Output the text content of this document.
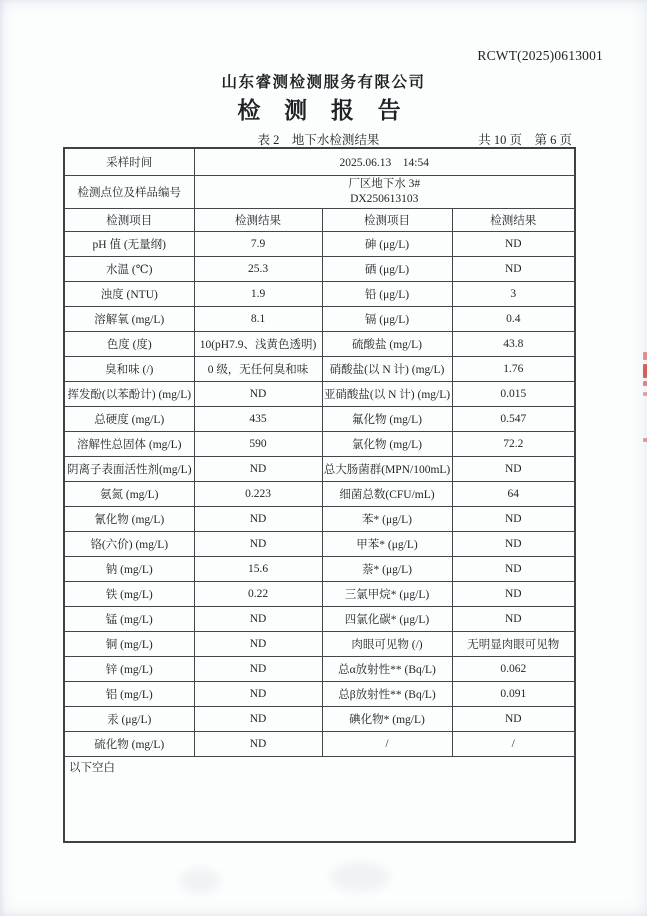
RCWT(2025)0613001
山东睿测检测服务有限公司
检 测 报 告
表 2　地下水检测结果	共 10 页　第 6 页
采样时间	2025.06.13　14:54		
检测点位及样品编号	厂区地下水 3#
DX250613103		

检测项目	检测结果	检测项目	检测结果
pH 值 (无量纲)	7.9	砷 (μg/L)	ND
水温 (℃)	25.3	硒 (μg/L)	ND
浊度 (NTU)	1.9	铅 (μg/L)	3
溶解氧 (mg/L)	8.1	镉 (μg/L)	0.4
色度 (度)	10(pH7.9、浅黄色透明)	硫酸盐 (mg/L)	43.8
臭和味 (/)	0 级，无任何臭和味	硝酸盐(以 N 计) (mg/L)	1.76
挥发酚(以苯酚计) (mg/L)	ND	亚硝酸盐(以 N 计) (mg/L)	0.015
总硬度 (mg/L)	435	氟化物 (mg/L)	0.547
溶解性总固体 (mg/L)	590	氯化物 (mg/L)	72.2
阴离子表面活性剂(mg/L)	ND	总大肠菌群(MPN/100mL)	ND
氨氮 (mg/L)	0.223	细菌总数(CFU/mL)	64
氰化物 (mg/L)	ND	苯* (μg/L)	ND
铬(六价) (mg/L)	ND	甲苯* (μg/L)	ND
钠 (mg/L)	15.6	萘* (μg/L)	ND
铁 (mg/L)	0.22	三氯甲烷* (μg/L)	ND
锰 (mg/L)	ND	四氯化碳* (μg/L)	ND
铜 (mg/L)	ND	肉眼可见物 (/)	无明显肉眼可见物
锌 (mg/L)	ND	总α放射性** (Bq/L)	0.062
铝 (mg/L)	ND	总β放射性** (Bq/L)	0.091
汞 (μg/L)	ND	碘化物* (mg/L)	ND
硫化物 (mg/L)	ND	/	/
以下空白			
